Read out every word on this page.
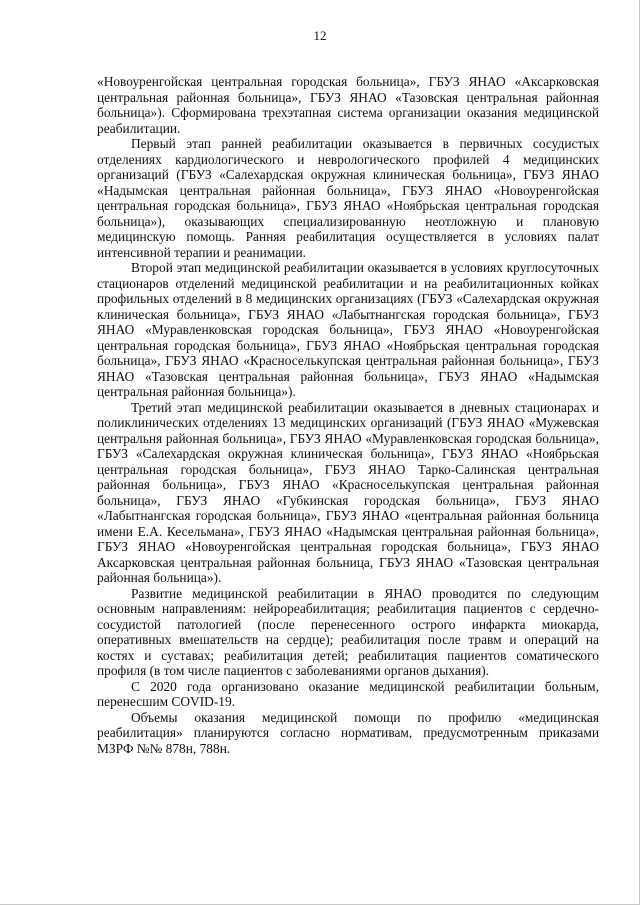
12

«Новоуренгойская центральная городская больница», ГБУЗ ЯНАО «Аксарковская центральная районная больница», ГБУЗ ЯНАО «Тазовская центральная районная больница»). Сформирована трехэтапная система организации оказания медицинской реабилитации.

Первый этап ранней реабилитации оказывается в первичных сосудистых отделениях кардиологического и неврологического профилей 4 медицинских организаций (ГБУЗ «Салехардская окружная клиническая больница», ГБУЗ ЯНАО «Надымская центральная районная больница», ГБУЗ ЯНАО «Новоуренгойская центральная городская больница», ГБУЗ ЯНАО «Ноябрьская центральная городская больница»), оказывающих специализированную неотложную и плановую медицинскую помощь. Ранняя реабилитация осуществляется в условиях палат интенсивной терапии и реанимации.

Второй этап медицинской реабилитации оказывается в условиях круглосуточных стационаров отделений медицинской реабилитации и на реабилитационных койках профильных отделений в 8 медицинских организациях (ГБУЗ «Салехардская окружная клиническая больница», ГБУЗ ЯНАО «Лабытнангская городская больница», ГБУЗ ЯНАО «Муравленковская городская больница», ГБУЗ ЯНАО «Новоуренгойская центральная городская больница», ГБУЗ ЯНАО «Ноябрьская центральная городская больница», ГБУЗ ЯНАО «Красноселькупская центральная районная больница», ГБУЗ ЯНАО «Тазовская центральная районная больница», ГБУЗ ЯНАО «Надымская центральная районная больница»).

Третий этап медицинской реабилитации оказывается в дневных стационарах и поликлинических отделениях 13 медицинских организаций (ГБУЗ ЯНАО «Мужевская центральня районная больница», ГБУЗ ЯНАО «Муравленковская городская больница», ГБУЗ «Салехардская окружная клиническая больница», ГБУЗ ЯНАО «Ноябрьская центральная городская больница», ГБУЗ ЯНАО Тарко-Салинская центральная районная больница», ГБУЗ ЯНАО «Красноселькупская центральная районная больница», ГБУЗ ЯНАО «Губкинская городская больница», ГБУЗ ЯНАО «Лабытнангская городская больница», ГБУЗ ЯНАО «центральная районная больница имени Е.А. Кесельмана», ГБУЗ ЯНАО «Надымская центральная районная больница», ГБУЗ ЯНАО «Новоуренгойская центральная городская больница», ГБУЗ ЯНАО Аксарковская центральная районная больница, ГБУЗ ЯНАО «Тазовская центральная районная больница»).

Развитие медицинской реабилитации в ЯНАО проводится по следующим основным направлениям: нейрореабилитация; реабилитация пациентов с сердечно-сосудистой патологией (после перенесенного острого инфаркта миокарда, оперативных вмешательств на сердце); реабилитация после травм и операций на костях и суставах; реабилитация детей; реабилитация пациентов соматического профиля (в том числе пациентов с заболеваниями органов дыхания).

С 2020 года организовано оказание медицинской реабилитации больным, перенесшим COVID-19.

Объемы оказания медицинской помощи по профилю «медицинская реабилитация» планируются согласно нормативам, предусмотренным приказами МЗРФ №№ 878н, 788н.
